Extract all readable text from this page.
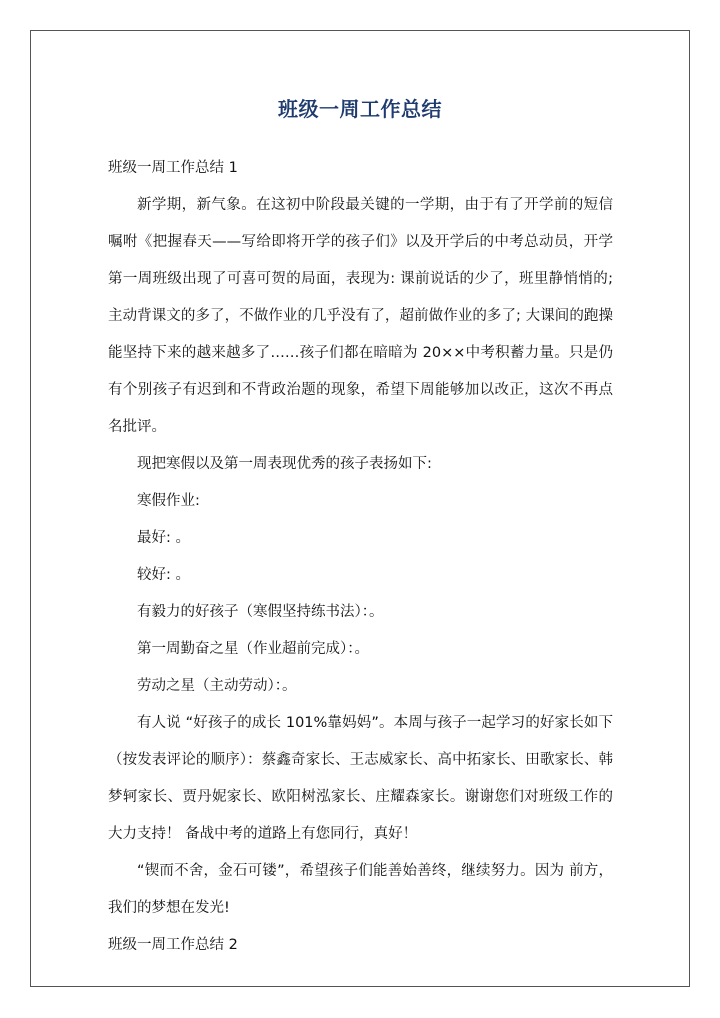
班级一周工作总结

班级一周工作总结 1

新学期，新气象。在这初中阶段最关键的一学期，由于有了开学前的短信嘱咐《把握春天——写给即将开学的孩子们》以及开学后的中考总动员，开学第一周班级出现了可喜可贺的局面，表现为: 课前说话的少了，班里静悄悄的; 主动背课文的多了，不做作业的几乎没有了，超前做作业的多了; 大课间的跑操能坚持下来的越来越多了……孩子们都在暗暗为 20××中考积蓄力量。只是仍有个别孩子有迟到和不背政治题的现象，希望下周能够加以改正，这次不再点名批评。

现把寒假以及第一周表现优秀的孩子表扬如下:

寒假作业:

最好: 。

较好: 。

有毅力的好孩子（寒假坚持练书法）：。

第一周勤奋之星（作业超前完成）：。

劳动之星（主动劳动）：。

有人说 “好孩子的成长 101%靠妈妈”。本周与孩子一起学习的好家长如下（按发表评论的顺序）：蔡鑫奇家长、王志威家长、高中拓家长、田歌家长、韩梦轲家长、贾丹妮家长、欧阳树泓家长、庄耀森家长。谢谢您们对班级工作的大力支持！ 备战中考的道路上有您同行，真好！

“锲而不舍，金石可镂”，希望孩子们能善始善终，继续努力。因为 前方，我们的梦想在发光!

班级一周工作总结 2
